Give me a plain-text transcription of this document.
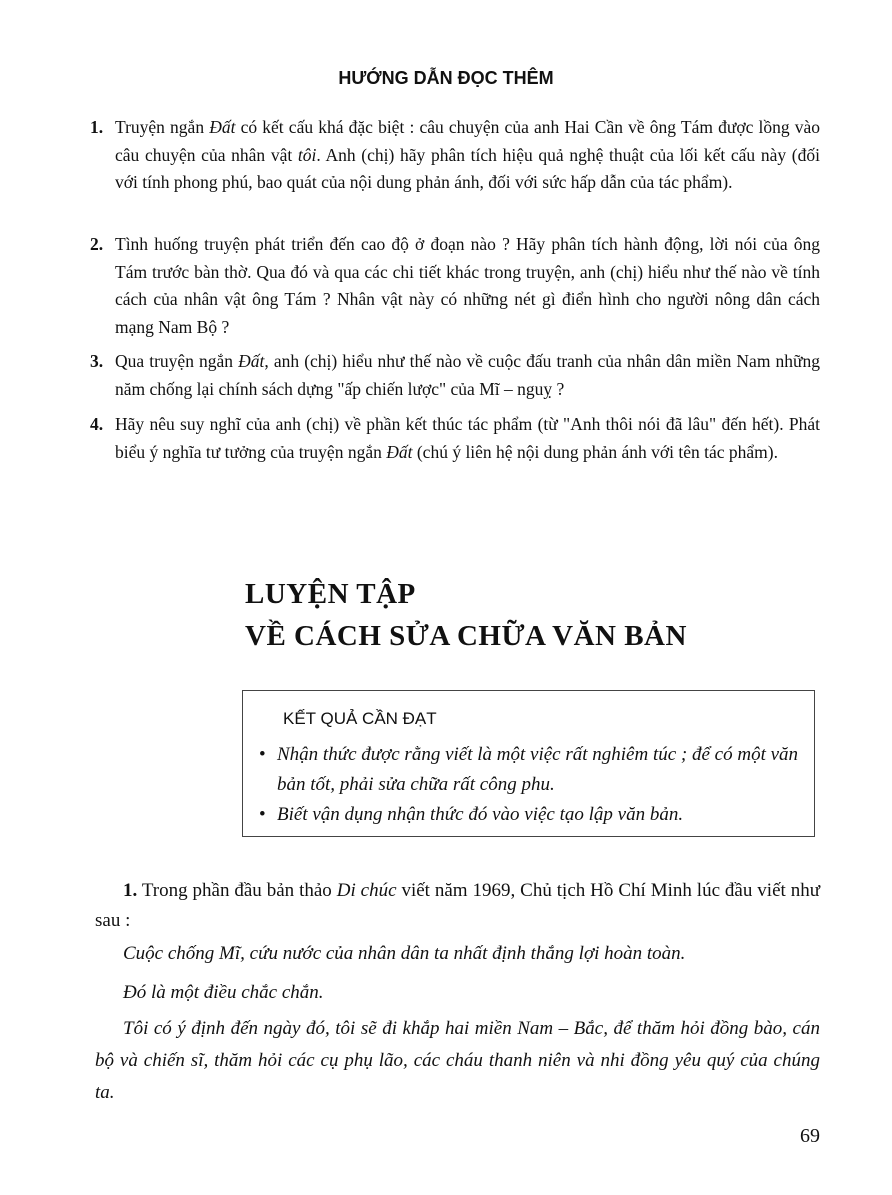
HƯỚNG DẪN ĐỌC THÊM
1. Truyện ngắn Đất có kết cấu khá đặc biệt : câu chuyện của anh Hai Cần về ông Tám được lồng vào câu chuyện của nhân vật tôi. Anh (chị) hãy phân tích hiệu quả nghệ thuật của lối kết cấu này (đối với tính phong phú, bao quát của nội dung phản ánh, đối với sức hấp dẫn của tác phẩm).
2. Tình huống truyện phát triển đến cao độ ở đoạn nào ? Hãy phân tích hành động, lời nói của ông Tám trước bàn thờ. Qua đó và qua các chi tiết khác trong truyện, anh (chị) hiểu như thế nào về tính cách của nhân vật ông Tám ? Nhân vật này có những nét gì điển hình cho người nông dân cách mạng Nam Bộ ?
3. Qua truyện ngắn Đất, anh (chị) hiểu như thế nào về cuộc đấu tranh của nhân dân miền Nam những năm chống lại chính sách dựng "ấp chiến lược" của Mĩ – nguỵ ?
4. Hãy nêu suy nghĩ của anh (chị) về phần kết thúc tác phẩm (từ "Anh thôi nói đã lâu" đến hết). Phát biểu ý nghĩa tư tưởng của truyện ngắn Đất (chú ý liên hệ nội dung phản ánh với tên tác phẩm).
LUYỆN TẬP
VỀ CÁCH SỬA CHỮA VĂN BẢN
KẾT QUẢ CẦN ĐẠT
• Nhận thức được rằng viết là một việc rất nghiêm túc ; để có một văn bản tốt, phải sửa chữa rất công phu.
• Biết vận dụng nhận thức đó vào việc tạo lập văn bản.
1. Trong phần đầu bản thảo Di chúc viết năm 1969, Chủ tịch Hồ Chí Minh lúc đầu viết như sau :
Cuộc chống Mĩ, cứu nước của nhân dân ta nhất định thắng lợi hoàn toàn.
Đó là một điều chắc chắn.
Tôi có ý định đến ngày đó, tôi sẽ đi khắp hai miền Nam – Bắc, để thăm hỏi đồng bào, cán bộ và chiến sĩ, thăm hỏi các cụ phụ lão, các cháu thanh niên và nhi đồng yêu quý của chúng ta.
69
